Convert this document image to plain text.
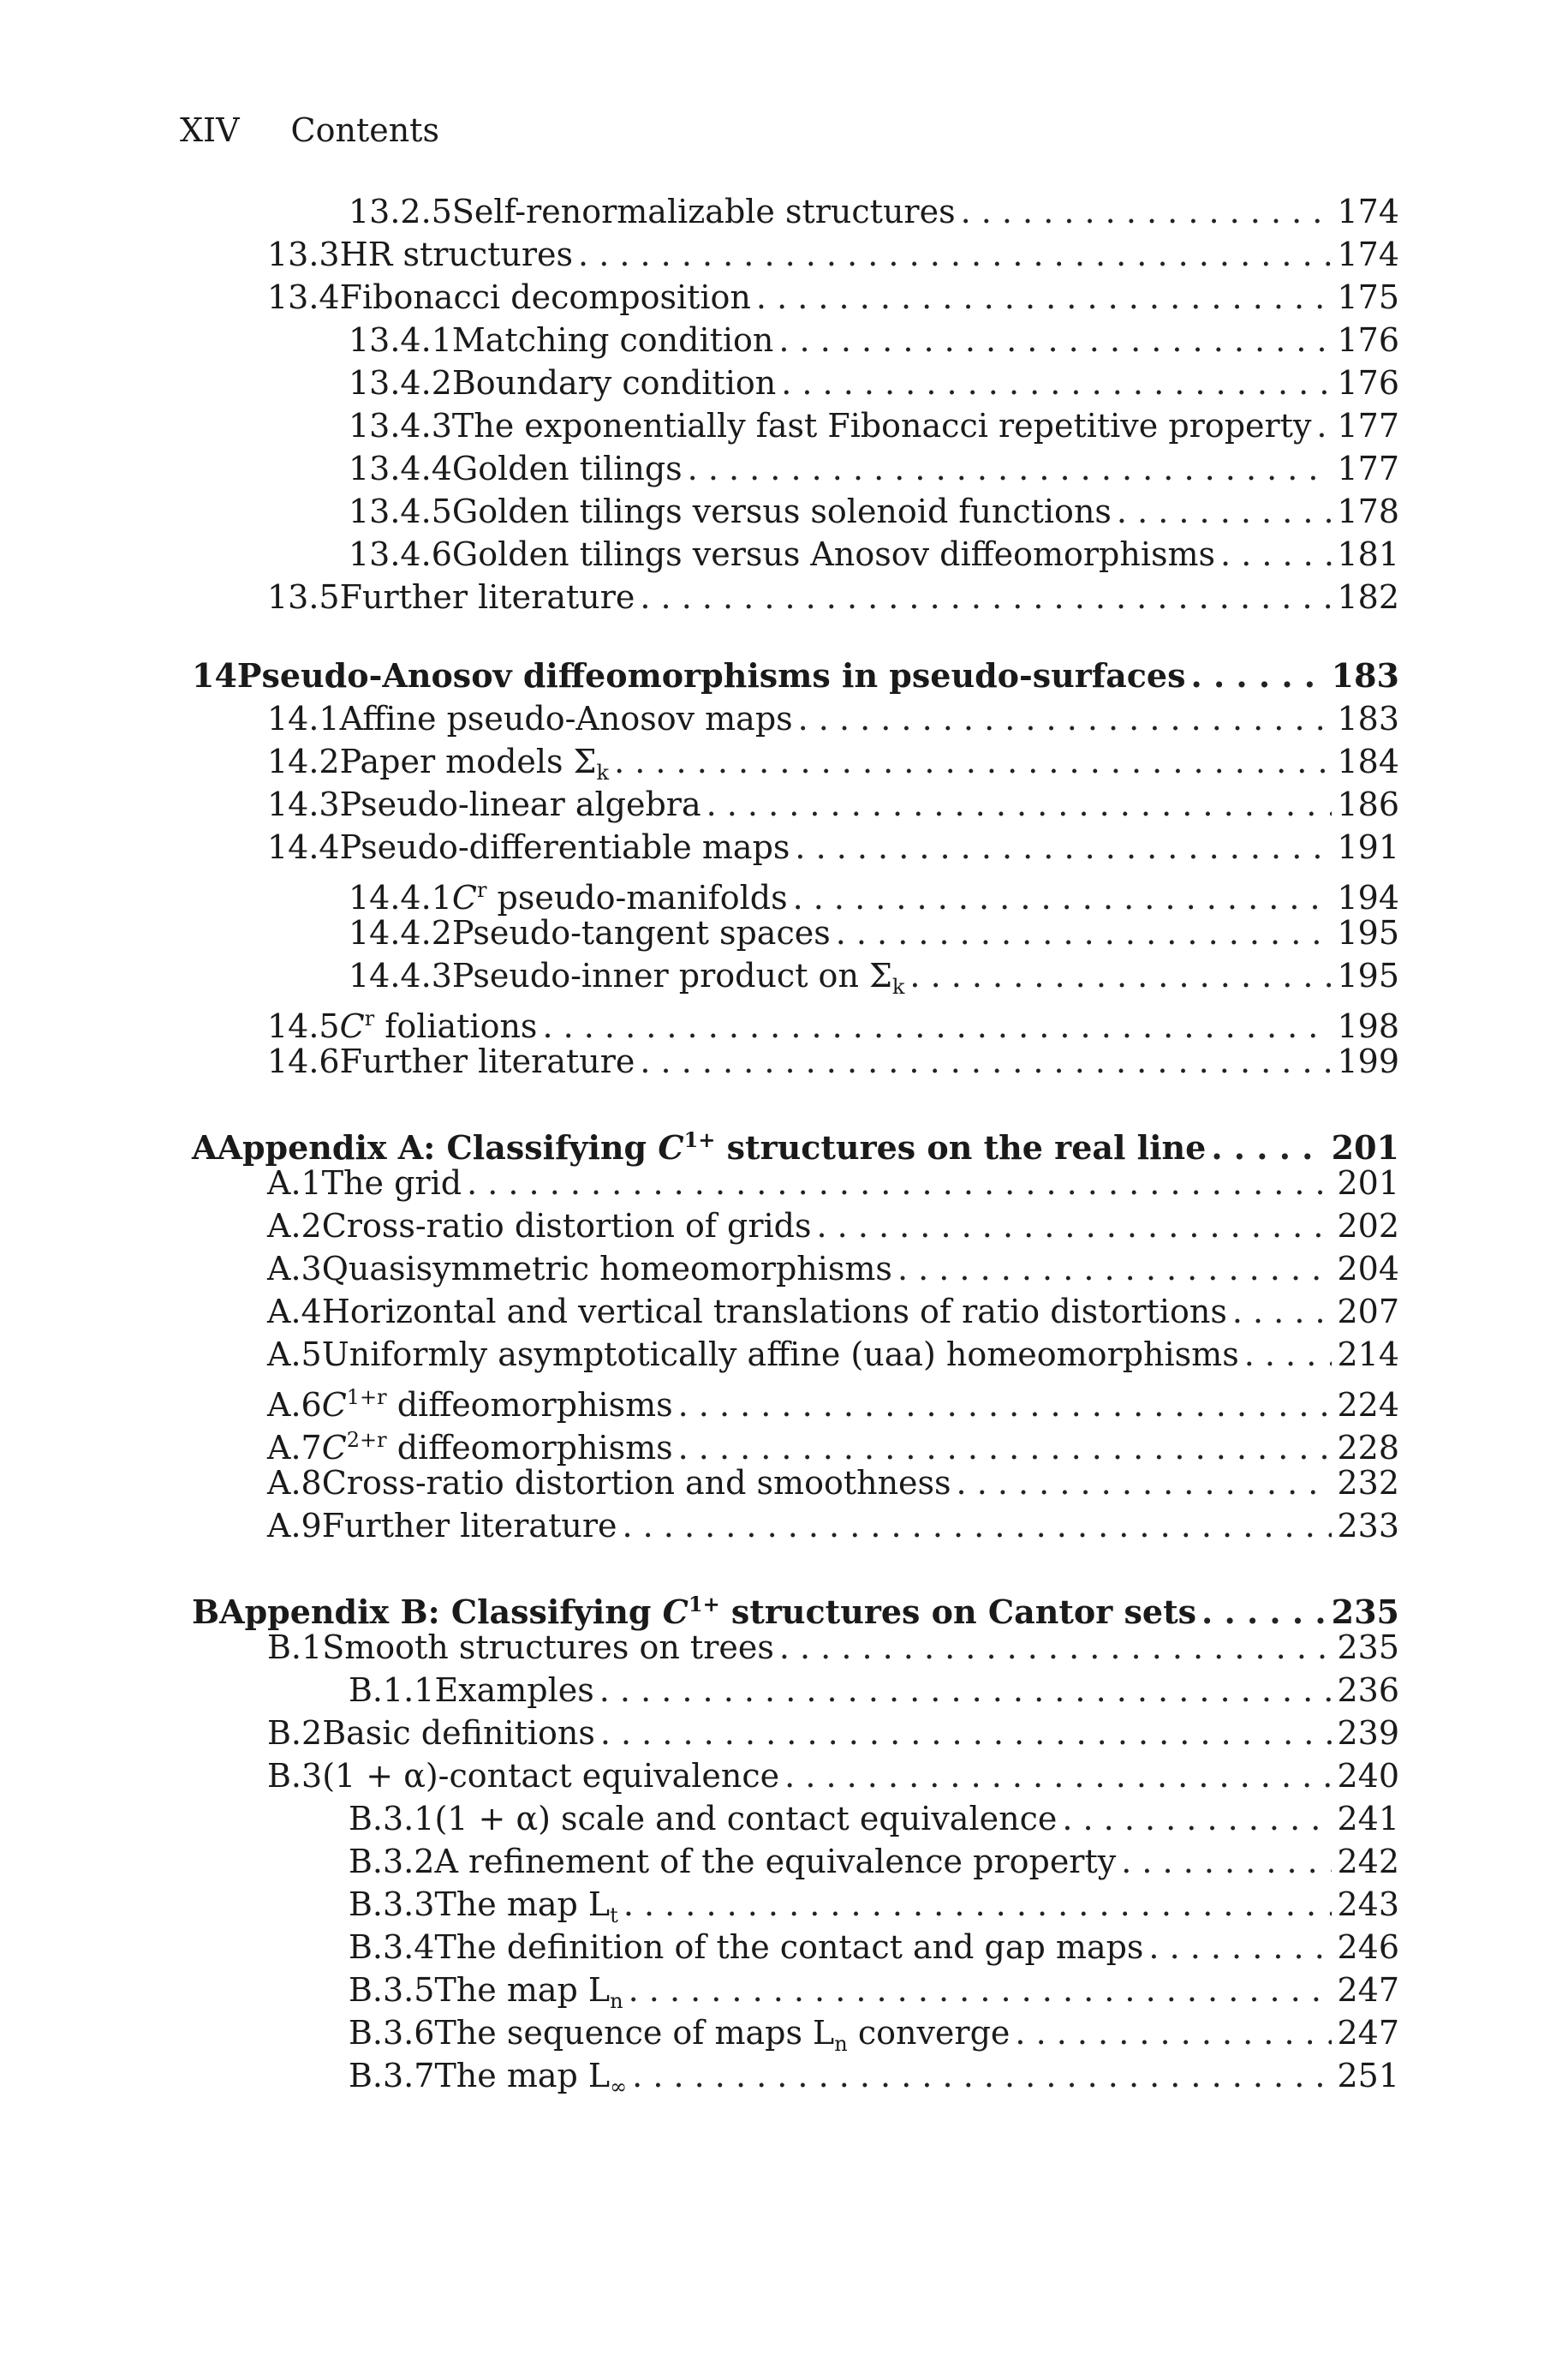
XIV Contents
13.2.5 Self-renormalizable structures . . .	174
13.3 HR structures . . .	174
13.4 Fibonacci decomposition . . .	175
13.4.1 Matching condition . . .	176
13.4.2 Boundary condition . . .	176
13.4.3 The exponentially fast Fibonacci repetitive property . . . 177
13.4.4 Golden tilings . . .	177
13.4.5 Golden tilings versus solenoid functions . . .	178
13.4.6 Golden tilings versus Anosov diffeomorphisms . . .	181
13.5 Further literature . . .	182
14 Pseudo-Anosov diffeomorphisms in pseudo-surfaces . . .	183
14.1 Affine pseudo-Anosov maps . . .	183
14.2 Paper models $\Sigma_k$ . . .	184
14.3 Pseudo-linear algebra . . .	186
14.4 Pseudo-differentiable maps . . .	191
14.4.1 $C^r$ pseudo-manifolds . . .	194
14.4.2 Pseudo-tangent spaces . . .	195
14.4.3 Pseudo-inner product on $\Sigma_k$ . . .	195
14.5 $C^r$ foliations . . .	198
14.6 Further literature . . .	199
A Appendix A: Classifying $C^{1+}$ structures on the real line . . .	201
A.1 The grid . . .	201
A.2 Cross-ratio distortion of grids . . .	202
A.3 Quasisymmetric homeomorphisms . . .	204
A.4 Horizontal and vertical translations of ratio distortions . . .	207
A.5 Uniformly asymptotically affine (uaa) homeomorphisms . . .	214
A.6 $C^{1+r}$ diffeomorphisms . . .	224
A.7 $C^{2+r}$ diffeomorphisms . . .	228
A.8 Cross-ratio distortion and smoothness . . .	232
A.9 Further literature . . .	233
B Appendix B: Classifying $C^{1+}$ structures on Cantor sets . . .	235
B.1 Smooth structures on trees . . .	235
B.1.1 Examples . . .	236
B.2 Basic definitions . . .	239
B.3 (1 + α)-contact equivalence . . .	240
B.3.1 (1 + α) scale and contact equivalence . . .	241
B.3.2 A refinement of the equivalence property . . .	242
B.3.3 The map $L_t$ . . .	243
B.3.4 The definition of the contact and gap maps . . .	246
B.3.5 The map $L_n$ . . .	247
B.3.6 The sequence of maps $L_n$ converge . . .	247
B.3.7 The map $L_\infty$ . . .	251
